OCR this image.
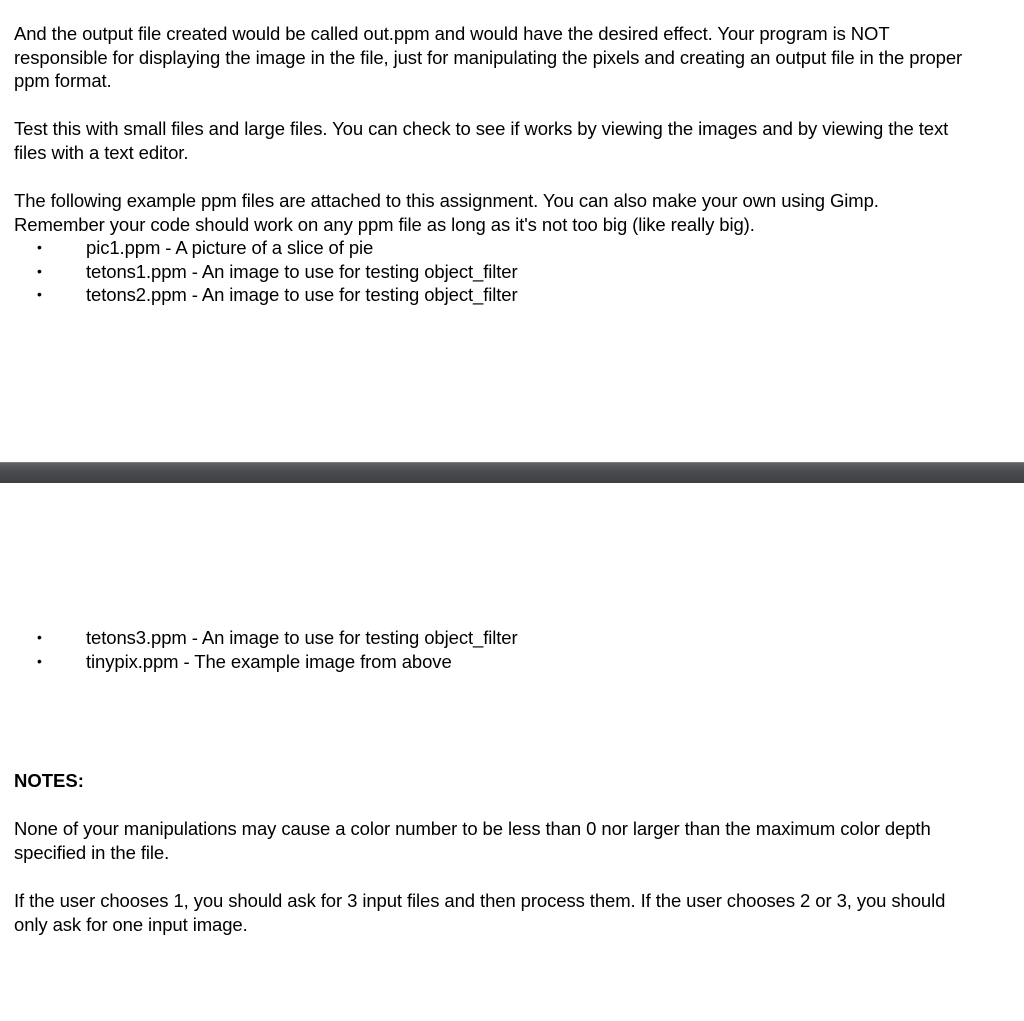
And the output file created would be called out.ppm and would have the desired effect. Your program is NOT responsible for displaying the image in the file, just for manipulating the pixels and creating an output file in the proper ppm format.

Test this with small files and large files. You can check to see if works by viewing the images and by viewing the text files with a text editor.

The following example ppm files are attached to this assignment. You can also make your own using Gimp. Remember your code should work on any ppm file as long as it's not too big (like really big).

• pic1.ppm - A picture of a slice of pie
• tetons1.ppm - An image to use for testing object_filter
• tetons2.ppm - An image to use for testing object_filter
• tetons3.ppm - An image to use for testing object_filter
• tinypix.ppm - The example image from above

NOTES:

None of your manipulations may cause a color number to be less than 0 nor larger than the maximum color depth specified in the file.

If the user chooses 1, you should ask for 3 input files and then process them. If the user chooses 2 or 3, you should only ask for one input image.
